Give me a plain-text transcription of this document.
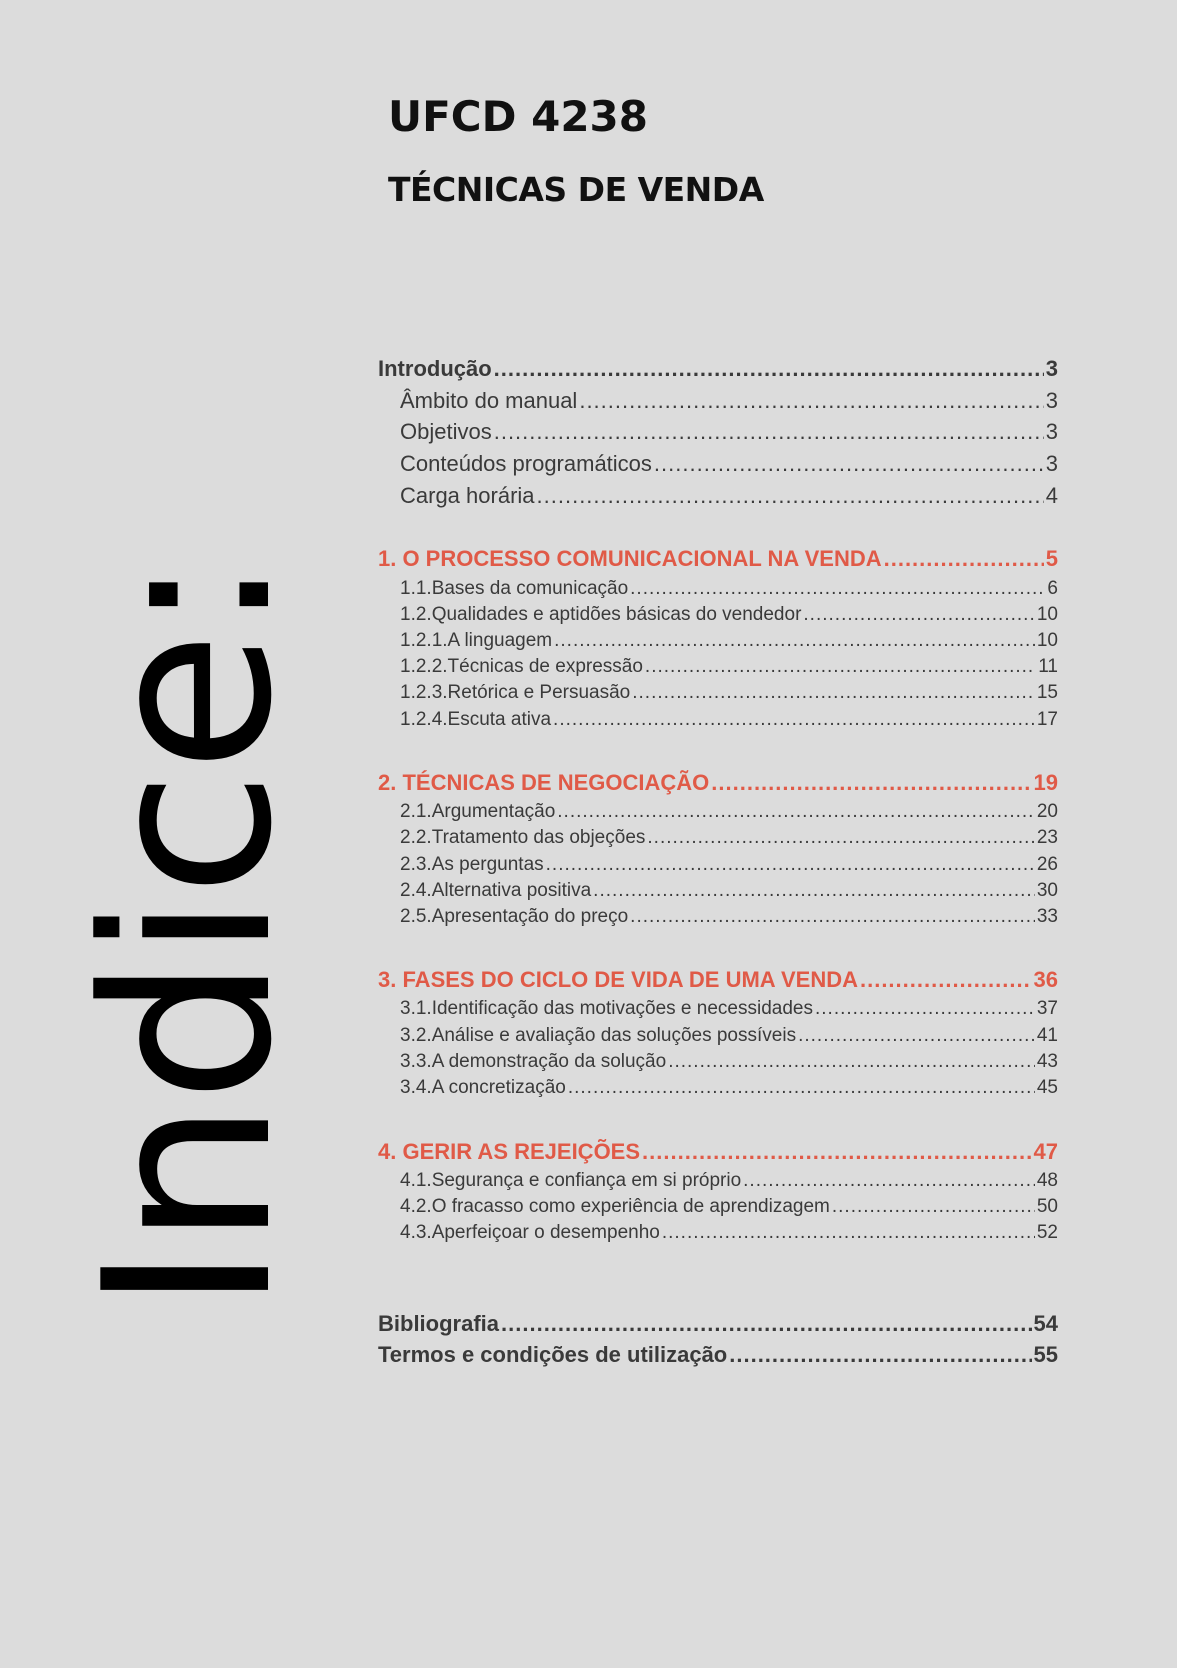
UFCD 4238
TÉCNICAS DE VENDA
Indice:
Introdução .....	3
Âmbito do manual .....	3
Objetivos .....	3
Conteúdos programáticos .....	3
Carga horária .....	4
1. O PROCESSO COMUNICACIONAL NA VENDA .....	5
1.1.Bases da comunicação .....	6
1.2.Qualidades e aptidões básicas do vendedor .....	10
1.2.1.A linguagem .....	10
1.2.2.Técnicas de expressão .....	11
1.2.3.Retórica e Persuasão .....	15
1.2.4.Escuta ativa .....	17
2. TÉCNICAS DE NEGOCIAÇÃO .....	19
2.1.Argumentação .....	20
2.2.Tratamento das objeções .....	23
2.3.As perguntas .....	26
2.4.Alternativa positiva .....	30
2.5.Apresentação do preço .....	33
3. FASES DO CICLO DE VIDA DE UMA VENDA .....	36
3.1.Identificação das motivações e necessidades .....	37
3.2.Análise e avaliação das soluções possíveis .....	41
3.3.A demonstração da solução .....	43
3.4.A concretização .....	45
4. GERIR AS REJEIÇÕES .....	47
4.1.Segurança e confiança em si próprio .....	48
4.2.O fracasso como experiência de aprendizagem .....	50
4.3.Aperfeiçoar o desempenho .....	52
Bibliografia .....	54
Termos e condições de utilização .....	55
